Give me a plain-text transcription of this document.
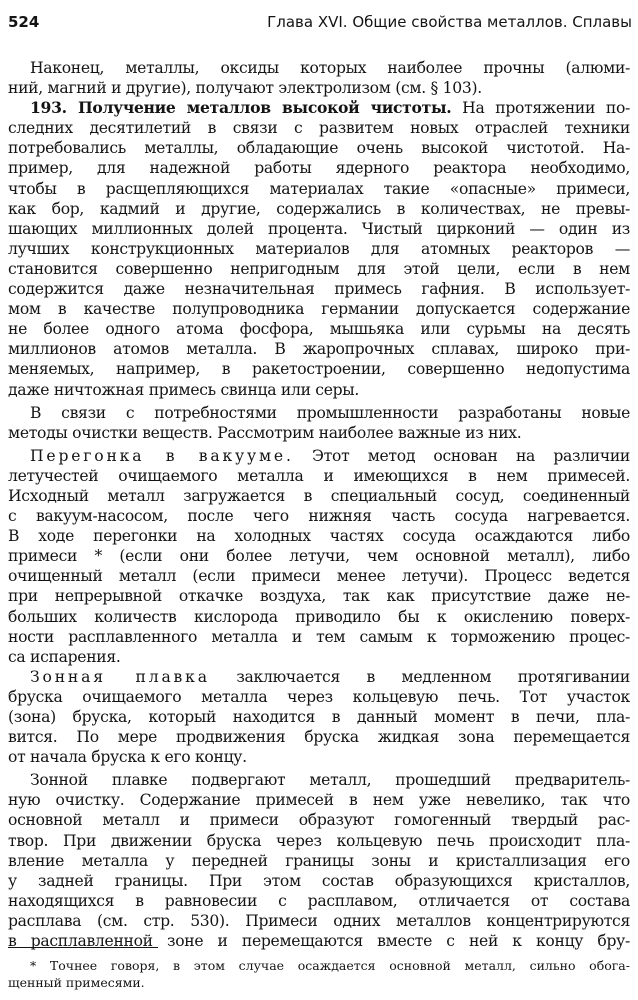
524	Глава XVI. Общие свойства металлов. Сплавы
Наконец, металлы, оксиды которых наиболее прочны (алюми-
ний, магний и другие), получают электролизом (см. § 103).
193. Получение металлов высокой чистоты. На протяжении по-
следних десятилетий в связи с развитем новых отраслей техники
потребовались металлы, обладающие очень высокой чистотой. На-
пример, для надежной работы ядерного реактора необходимо,
чтобы в расщепляющихся материалах такие «опасные» примеси,
как бор, кадмий и другие, содержались в количествах, не превы-
шающих миллионных долей процента. Чистый цирконий — один из
лучших конструкционных материалов для атомных реакторов —
становится совершенно непригодным для этой цели, если в нем
содержится даже незначительная примесь гафния. В использует-
мом в качестве полупроводника германии допускается содержание
не более одного атома фосфора, мышьяка или сурьмы на десять
миллионов атомов металла. В жаропрочных сплавах, широко при-
меняемых, например, в ракетостроении, совершенно недопустима
даже ничтожная примесь свинца или серы.
В связи с потребностями промышленности разработаны новые
методы очистки веществ. Рассмотрим наиболее важные из них.
Перегонка в вакууме. Этот метод основан на различии
летучестей очищаемого металла и имеющихся в нем примесей.
Исходный металл загружается в специальный сосуд, соединенный
с вакуум-насосом, после чего нижняя часть сосуда нагревается.
В ходе перегонки на холодных частях сосуда осаждаются либо
примеси * (если они более летучи, чем основной металл), либо
очищенный металл (если примеси менее летучи). Процесс ведется
при непрерывной откачке воздуха, так как присутствие даже не-
больших количеств кислорода приводило бы к окислению поверх-
ности расплавленного металла и тем самым к торможению процес-
са испарения.
Зонная плавка заключается в медленном протягивании
бруска очищаемого металла через кольцевую печь. Тот участок
(зона) бруска, который находится в данный момент в печи, пла-
вится. По мере продвижения бруска жидкая зона перемещается
от начала бруска к его концу.
Зонной плавке подвергают металл, прошедший предваритель-
ную очистку. Содержание примесей в нем уже невелико, так что
основной металл и примеси образуют гомогенный твердый рас-
твор. При движении бруска через кольцевую печь происходит пла-
вление металла у передней границы зоны и кристаллизация его
у задней границы. При этом состав образующихся кристаллов,
находящихся в равновесии с расплавом, отличается от состава
расплава (см. стр. 530). Примеси одних металлов концентрируются
в расплавленной зоне и перемещаются вместе с ней к концу бру-
* Точнее говоря, в этом случае осаждается основной металл, сильно обога-
щенный примесями.
